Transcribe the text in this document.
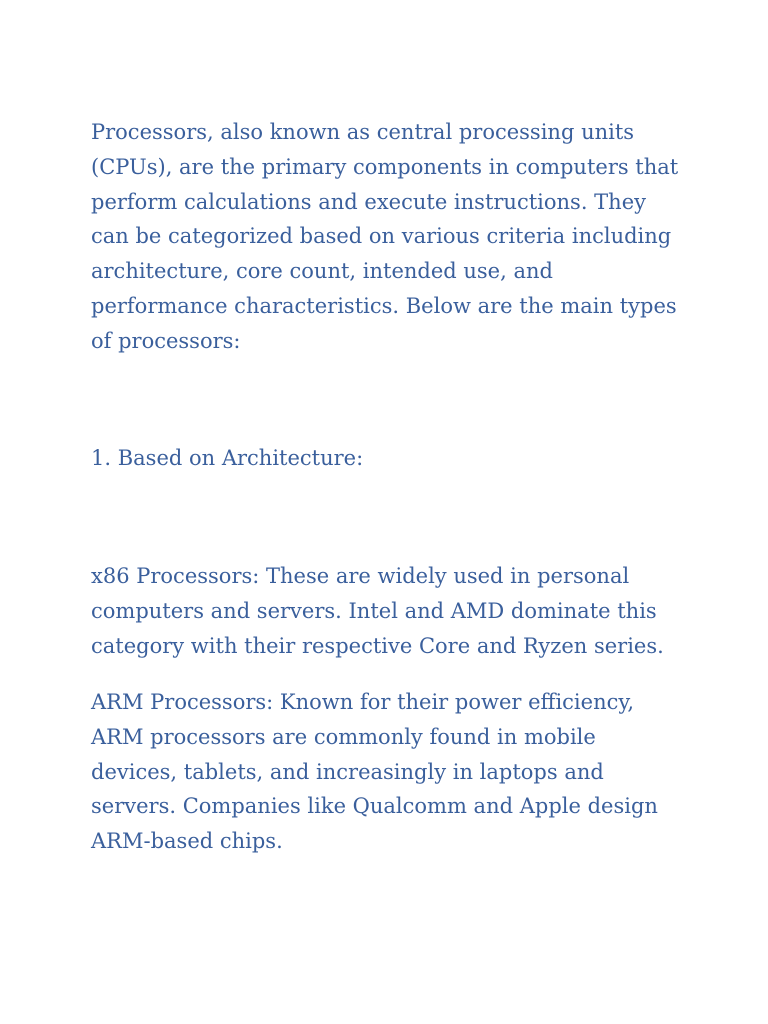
Processors, also known as central processing units
(CPUs), are the primary components in computers that
perform calculations and execute instructions. They
can be categorized based on various criteria including
architecture, core count, intended use, and
performance characteristics. Below are the main types
of processors:

1. Based on Architecture:

x86 Processors: These are widely used in personal
computers and servers. Intel and AMD dominate this
category with their respective Core and Ryzen series.

ARM Processors: Known for their power efficiency,
ARM processors are commonly found in mobile
devices, tablets, and increasingly in laptops and
servers. Companies like Qualcomm and Apple design
ARM-based chips.
